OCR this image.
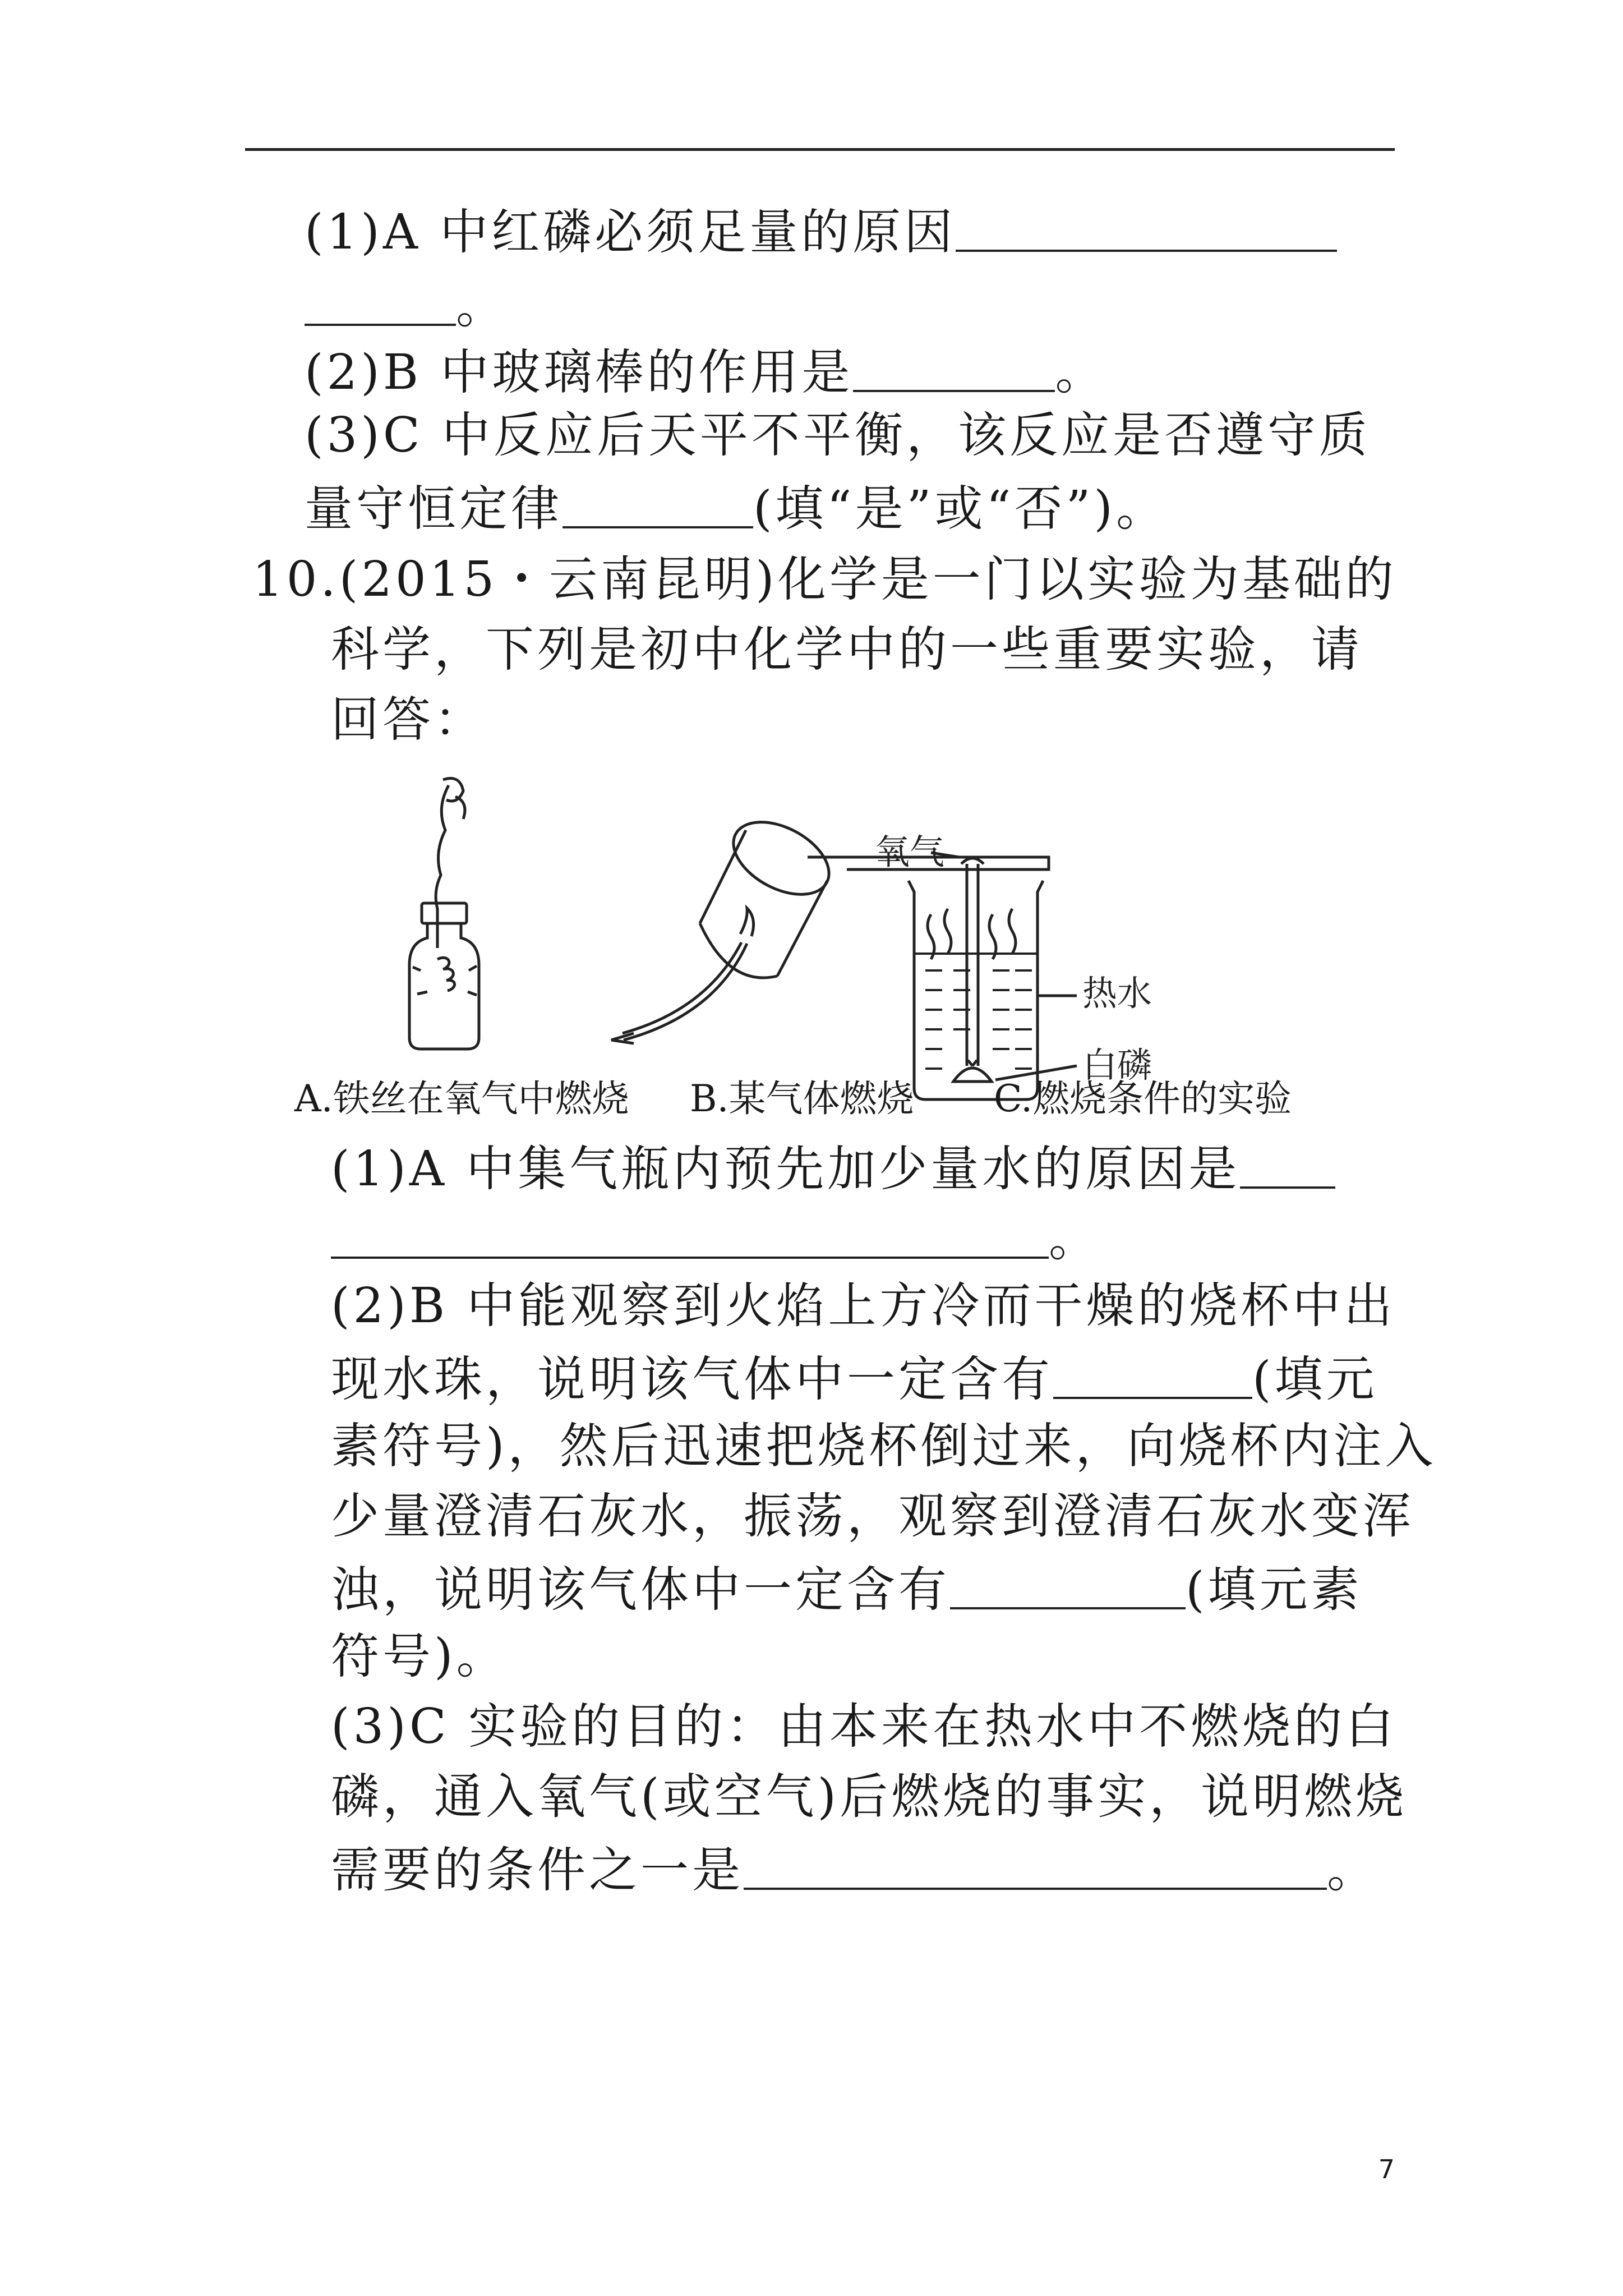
(1)A 中红磷必须足量的原因
。
(2)B 中玻璃棒的作用是	。
(3)C 中反应后天平不平衡，该反应是否遵守质
量守恒定律	(填“是”或“否”)。
10.(2015・云南昆明)化学是一门以实验为基础的
科学，下列是初中化学中的一些重要实验，请
回答：
氧气
热水
白磷
A.铁丝在氧气中燃烧 B.某气体燃烧 C.燃烧条件的实验
(1)A 中集气瓶内预先加少量水的原因是
。
(2)B 中能观察到火焰上方冷而干燥的烧杯中出
现水珠，说明该气体中一定含有	(填元
素符号)，然后迅速把烧杯倒过来，向烧杯内注入
少量澄清石灰水，振荡，观察到澄清石灰水变浑
浊，说明该气体中一定含有	(填元素
符号)。
(3)C 实验的目的：由本来在热水中不燃烧的白
磷，通入氧气(或空气)后燃烧的事实，说明燃烧
需要的条件之一是	。
7
